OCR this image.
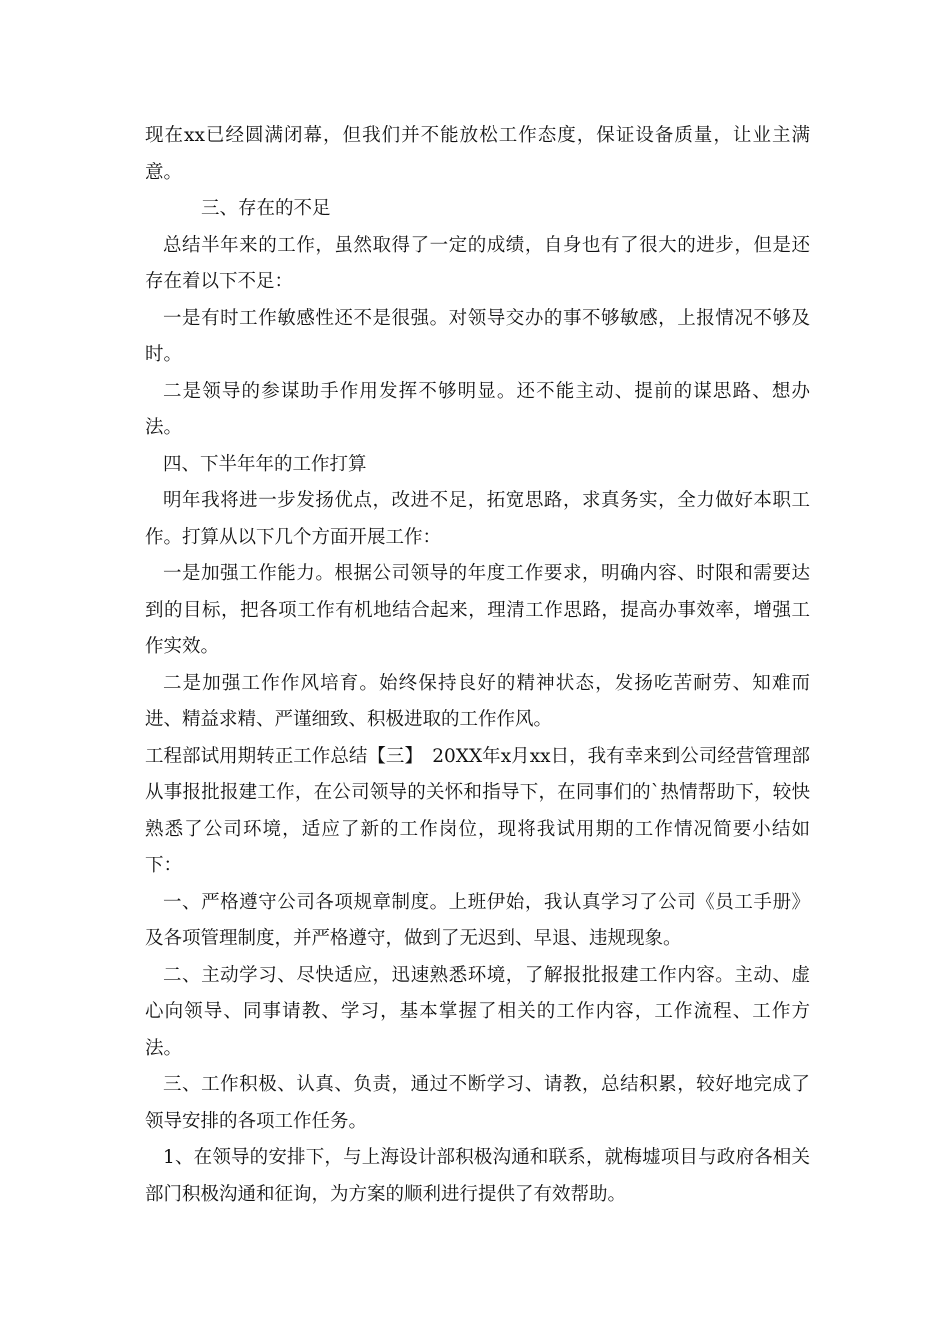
现在xx已经圆满闭幕，但我们并不能放松工作态度，保证设备质量，让业主满意。

三、存在的不足

总结半年来的工作，虽然取得了一定的成绩，自身也有了很大的进步，但是还存在着以下不足：

一是有时工作敏感性还不是很强。对领导交办的事不够敏感，上报情况不够及时。

二是领导的参谋助手作用发挥不够明显。还不能主动、提前的谋思路、想办法。

四、下半年年的工作打算

明年我将进一步发扬优点，改进不足，拓宽思路，求真务实，全力做好本职工作。打算从以下几个方面开展工作：

一是加强工作能力。根据公司领导的年度工作要求，明确内容、时限和需要达到的目标，把各项工作有机地结合起来，理清工作思路，提高办事效率，增强工作实效。

二是加强工作作风培育。始终保持良好的精神状态，发扬吃苦耐劳、知难而进、精益求精、严谨细致、积极进取的工作作风。

工程部试用期转正工作总结【三】　20XX年x月xx日，我有幸来到公司经营管理部从事报批报建工作，在公司领导的关怀和指导下，在同事们的`热情帮助下，较快熟悉了公司环境，适应了新的工作岗位，现将我试用期的工作情况简要小结如下：

一、严格遵守公司各项规章制度。上班伊始，我认真学习了公司《员工手册》及各项管理制度，并严格遵守，做到了无迟到、早退、违规现象。

二、主动学习、尽快适应，迅速熟悉环境，了解报批报建工作内容。主动、虚心向领导、同事请教、学习，基本掌握了相关的工作内容，工作流程、工作方法。

三、工作积极、认真、负责，通过不断学习、请教，总结积累，较好地完成了领导安排的各项工作任务。

1、在领导的安排下，与上海设计部积极沟通和联系，就梅墟项目与政府各相关部门积极沟通和征询，为方案的顺利进行提供了有效帮助。
